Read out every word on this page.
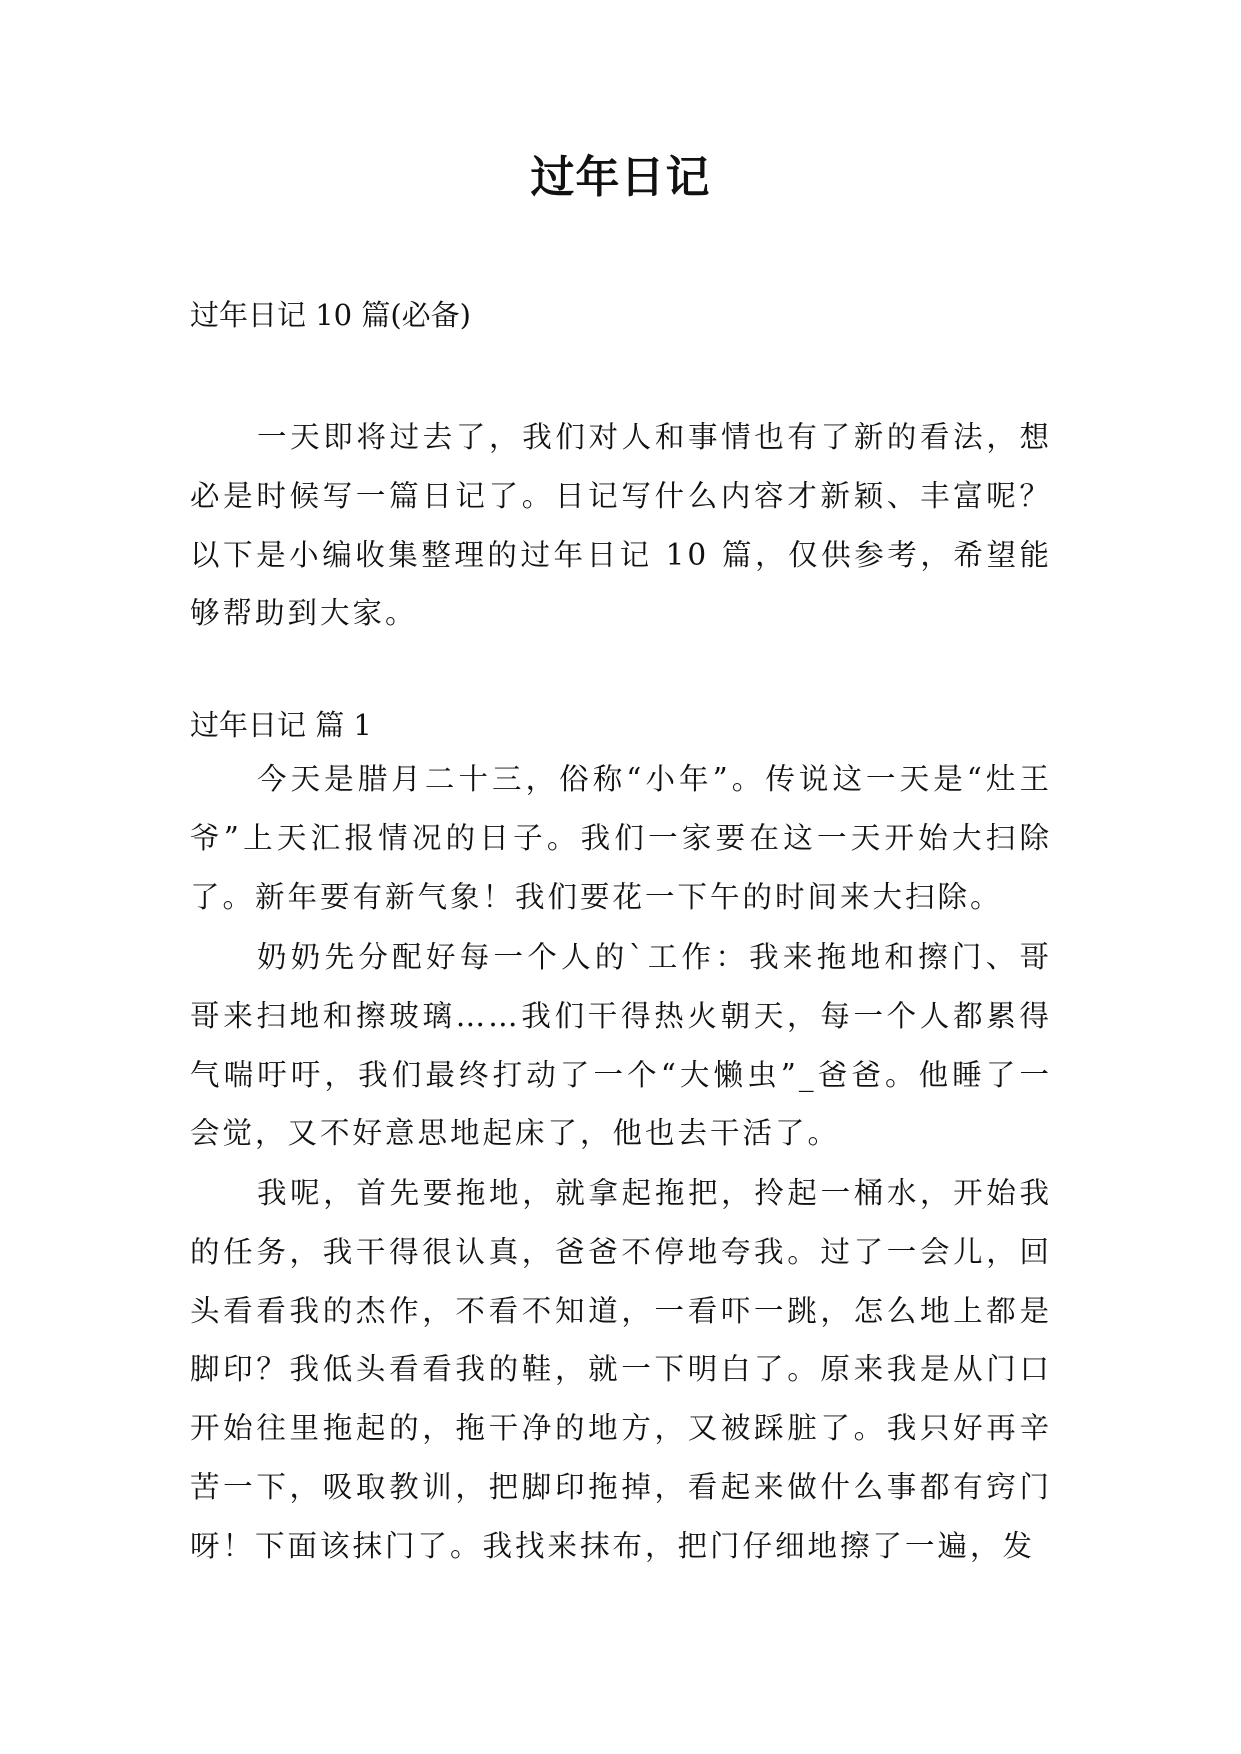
过年日记

过年日记 10 篇(必备)

一天即将过去了，我们对人和事情也有了新的看法，想必是时候写一篇日记了。日记写什么内容才新颖、丰富呢？以下是小编收集整理的过年日记 10 篇，仅供参考，希望能够帮助到大家。

过年日记 篇 1

今天是腊月二十三，俗称“小年”。传说这一天是“灶王爷”上天汇报情况的日子。我们一家要在这一天开始大扫除了。新年要有新气象！我们要花一下午的时间来大扫除。

奶奶先分配好每一个人的`工作：我来拖地和擦门、哥哥来扫地和擦玻璃……我们干得热火朝天，每一个人都累得气喘吁吁，我们最终打动了一个“大懒虫”_爸爸。他睡了一会觉，又不好意思地起床了，他也去干活了。

我呢，首先要拖地，就拿起拖把，拎起一桶水，开始我的任务，我干得很认真，爸爸不停地夸我。过了一会儿，回头看看我的杰作，不看不知道，一看吓一跳，怎么地上都是脚印？我低头看看我的鞋，就一下明白了。原来我是从门口开始往里拖起的，拖干净的地方，又被踩脏了。我只好再辛苦一下，吸取教训，把脚印拖掉，看起来做什么事都有窍门呀！下面该抹门了。我找来抹布，把门仔细地擦了一遍，发
